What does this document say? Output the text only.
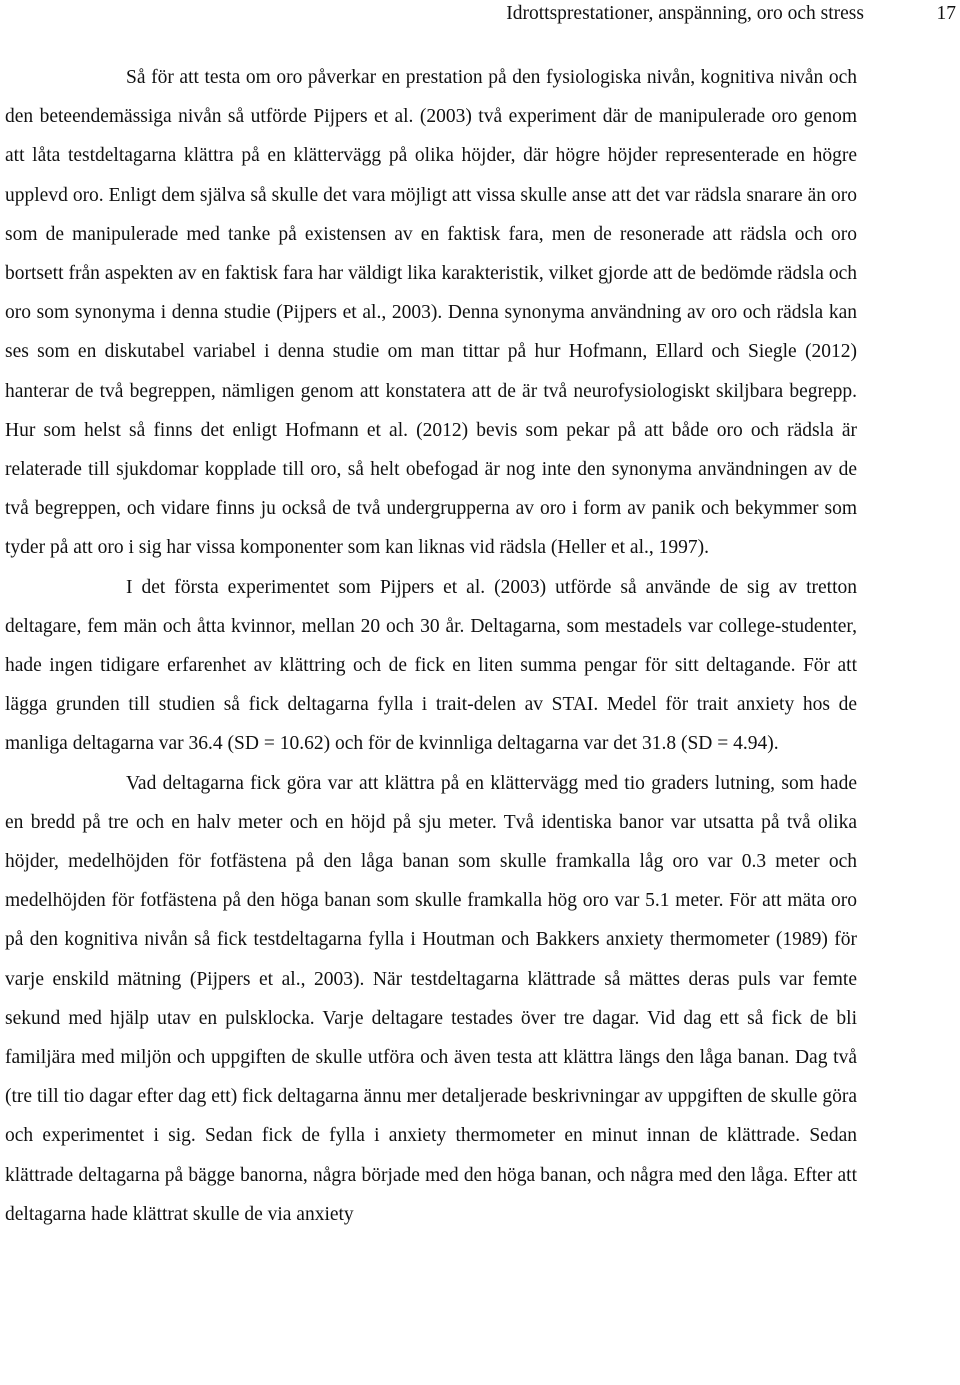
Idrottsprestationer, anspänning, oro och stress	17

Så för att testa om oro påverkar en prestation på den fysiologiska nivån, kognitiva nivån och den beteendemässiga nivån så utförde Pijpers et al. (2003) två experiment där de manipulerade oro genom att låta testdeltagarna klättra på en klättervägg på olika höjder, där högre höjder representerade en högre upplevd oro. Enligt dem själva så skulle det vara möjligt att vissa skulle anse att det var rädsla snarare än oro som de manipulerade med tanke på existensen av en faktisk fara, men de resonerade att rädsla och oro bortsett från aspekten av en faktisk fara har väldigt lika karakteristik, vilket gjorde att de bedömde rädsla och oro som synonyma i denna studie (Pijpers et al., 2003). Denna synonyma användning av oro och rädsla kan ses som en diskutabel variabel i denna studie om man tittar på hur Hofmann, Ellard och Siegle (2012) hanterar de två begreppen, nämligen genom att konstatera att de är två neurofysiologiskt skiljbara begrepp. Hur som helst så finns det enligt Hofmann et al. (2012) bevis som pekar på att både oro och rädsla är relaterade till sjukdomar kopplade till oro, så helt obefogad är nog inte den synonyma användningen av de två begreppen, och vidare finns ju också de två undergrupperna av oro i form av panik och bekymmer som tyder på att oro i sig har vissa komponenter som kan liknas vid rädsla (Heller et al., 1997).

I det första experimentet som Pijpers et al. (2003) utförde så använde de sig av tretton deltagare, fem män och åtta kvinnor, mellan 20 och 30 år. Deltagarna, som mestadels var college-studenter, hade ingen tidigare erfarenhet av klättring och de fick en liten summa pengar för sitt deltagande. För att lägga grunden till studien så fick deltagarna fylla i trait-delen av STAI. Medel för trait anxiety hos de manliga deltagarna var 36.4 (SD = 10.62) och för de kvinnliga deltagarna var det 31.8 (SD = 4.94).

Vad deltagarna fick göra var att klättra på en klättervägg med tio graders lutning, som hade en bredd på tre och en halv meter och en höjd på sju meter. Två identiska banor var utsatta på två olika höjder, medelhöjden för fotfästena på den låga banan som skulle framkalla låg oro var 0.3 meter och medelhöjden för fotfästena på den höga banan som skulle framkalla hög oro var 5.1 meter. För att mäta oro på den kognitiva nivån så fick testdeltagarna fylla i Houtman och Bakkers anxiety thermometer (1989) för varje enskild mätning (Pijpers et al., 2003). När testdeltagarna klättrade så mättes deras puls var femte sekund med hjälp utav en pulsklocka. Varje deltagare testades över tre dagar. Vid dag ett så fick de bli familjära med miljön och uppgiften de skulle utföra och även testa att klättra längs den låga banan. Dag två (tre till tio dagar efter dag ett) fick deltagarna ännu mer detaljerade beskrivningar av uppgiften de skulle göra och experimentet i sig. Sedan fick de fylla i anxiety thermometer en minut innan de klättrade. Sedan klättrade deltagarna på bägge banorna, några började med den höga banan, och några med den låga. Efter att deltagarna hade klättrat skulle de via anxiety
